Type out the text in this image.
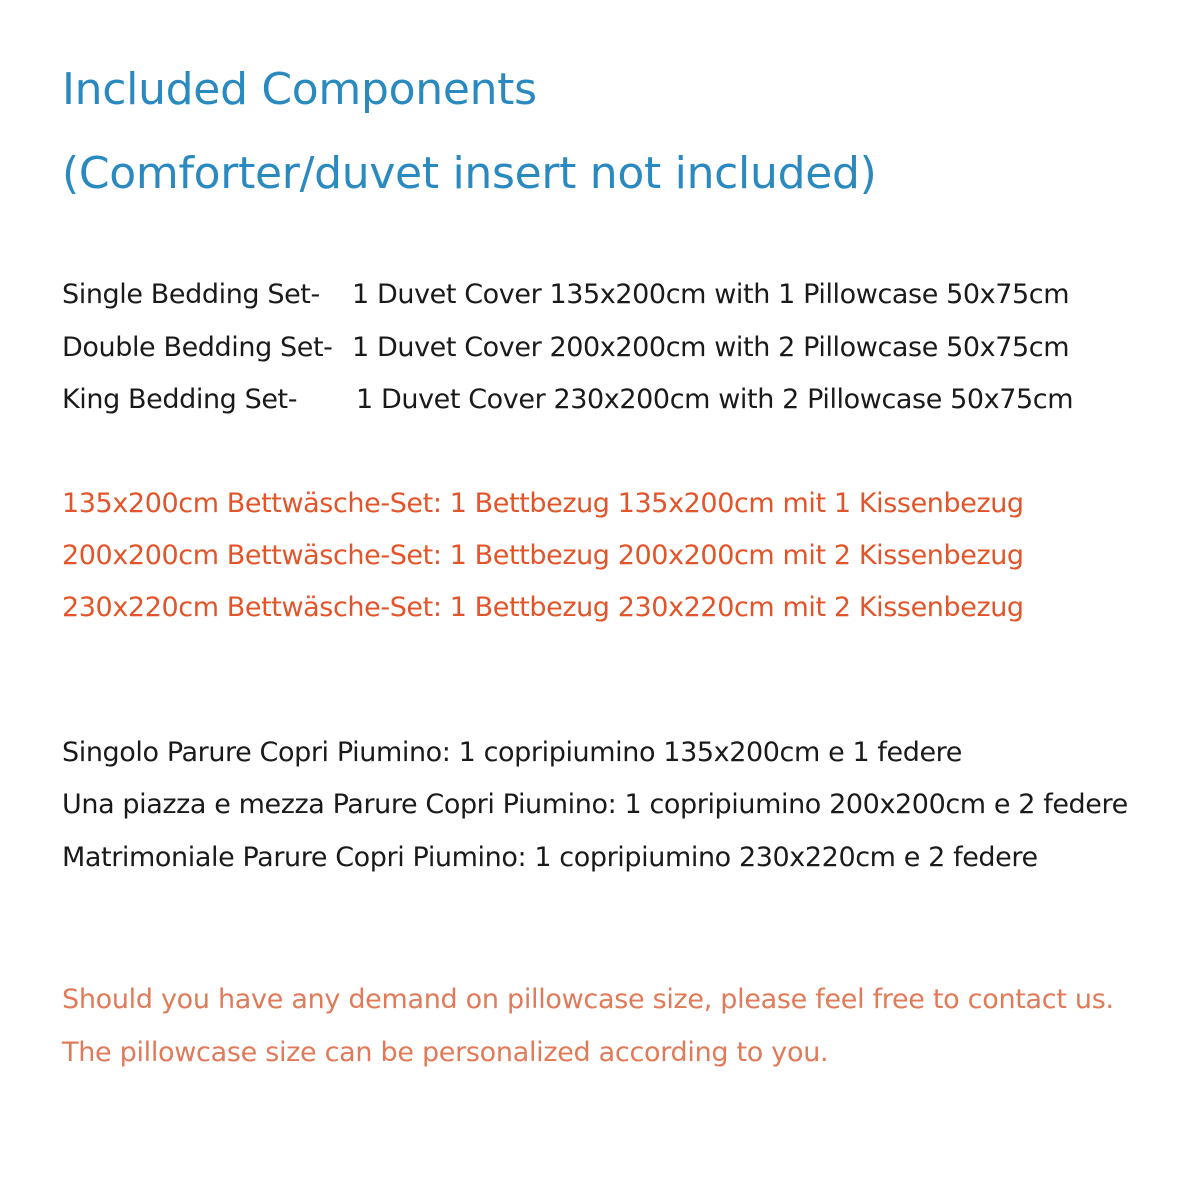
Included Components
(Comforter/duvet insert not included)
Single Bedding Set-	1 Duvet Cover 135x200cm with 1 Pillowcase 50x75cm
Double Bedding Set- 1 Duvet Cover 200x200cm with 2 Pillowcase 50x75cm
King Bedding Set-	1 Duvet Cover 230x200cm with 2 Pillowcase 50x75cm

135x200cm Bettwäsche-Set: 1 Bettbezug 135x200cm mit 1 Kissenbezug

200x200cm Bettwäsche-Set: 1 Bettbezug 200x200cm mit 2 Kissenbezug

230x220cm Bettwäsche-Set: 1 Bettbezug 230x220cm mit 2 Kissenbezug

Singolo Parure Copri Piumino: 1 copripiumino 135x200cm e 1 federe

Una piazza e mezza Parure Copri Piumino: 1 copripiumino 200x200cm e 2 federe

Matrimoniale Parure Copri Piumino: 1 copripiumino 230x220cm e 2 federe

Should you have any demand on pillowcase size, please feel free to contact us.

The pillowcase size can be personalized according to you.
